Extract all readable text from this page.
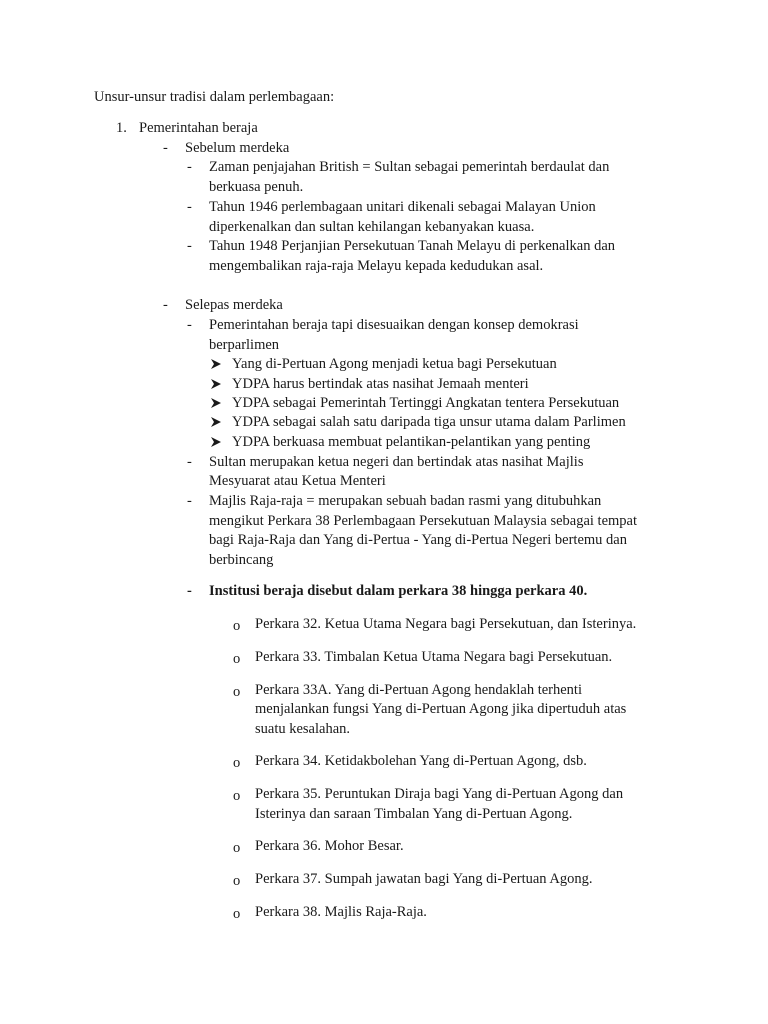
Unsur-unsur tradisi dalam perlembagaan:
1. Pemerintahan beraja
- Sebelum merdeka
- Zaman penjajahan British = Sultan sebagai pemerintah berdaulat dan
berkuasa penuh.
- Tahun 1946 perlembagaan unitari dikenali sebagai Malayan Union
diperkenalkan dan sultan kehilangan kebanyakan kuasa.
- Tahun 1948 Perjanjian Persekutuan Tanah Melayu di perkenalkan dan
mengembalikan raja-raja Melayu kepada kedudukan asal.
- Selepas merdeka
- Pemerintahan beraja tapi disesuaikan dengan konsep demokrasi
berparlimen
Yang di-Pertuan Agong menjadi ketua bagi Persekutuan
YDPA harus bertindak atas nasihat Jemaah menteri
YDPA sebagai Pemerintah Tertinggi Angkatan tentera Persekutuan
YDPA sebagai salah satu daripada tiga unsur utama dalam Parlimen
YDPA berkuasa membuat pelantikan-pelantikan yang penting
- Sultan merupakan ketua negeri dan bertindak atas nasihat Majlis
Mesyuarat atau Ketua Menteri
- Majlis Raja-raja = merupakan sebuah badan rasmi yang ditubuhkan
mengikut Perkara 38 Perlembagaan Persekutuan Malaysia sebagai tempat
bagi Raja-Raja dan Yang di-Pertua - Yang di-Pertua Negeri bertemu dan
berbincang
- Institusi beraja disebut dalam perkara 38 hingga perkara 40.
o Perkara 32. Ketua Utama Negara bagi Persekutuan, dan Isterinya.
o Perkara 33. Timbalan Ketua Utama Negara bagi Persekutuan.
o Perkara 33A. Yang di-Pertuan Agong hendaklah terhenti
menjalankan fungsi Yang di-Pertuan Agong jika dipertuduh atas
suatu kesalahan.
o Perkara 34. Ketidakbolehan Yang di-Pertuan Agong, dsb.
o Perkara 35. Peruntukan Diraja bagi Yang di-Pertuan Agong dan
Isterinya dan saraan Timbalan Yang di-Pertuan Agong.
o Perkara 36. Mohor Besar.
o Perkara 37. Sumpah jawatan bagi Yang di-Pertuan Agong.
o Perkara 38. Majlis Raja-Raja.
